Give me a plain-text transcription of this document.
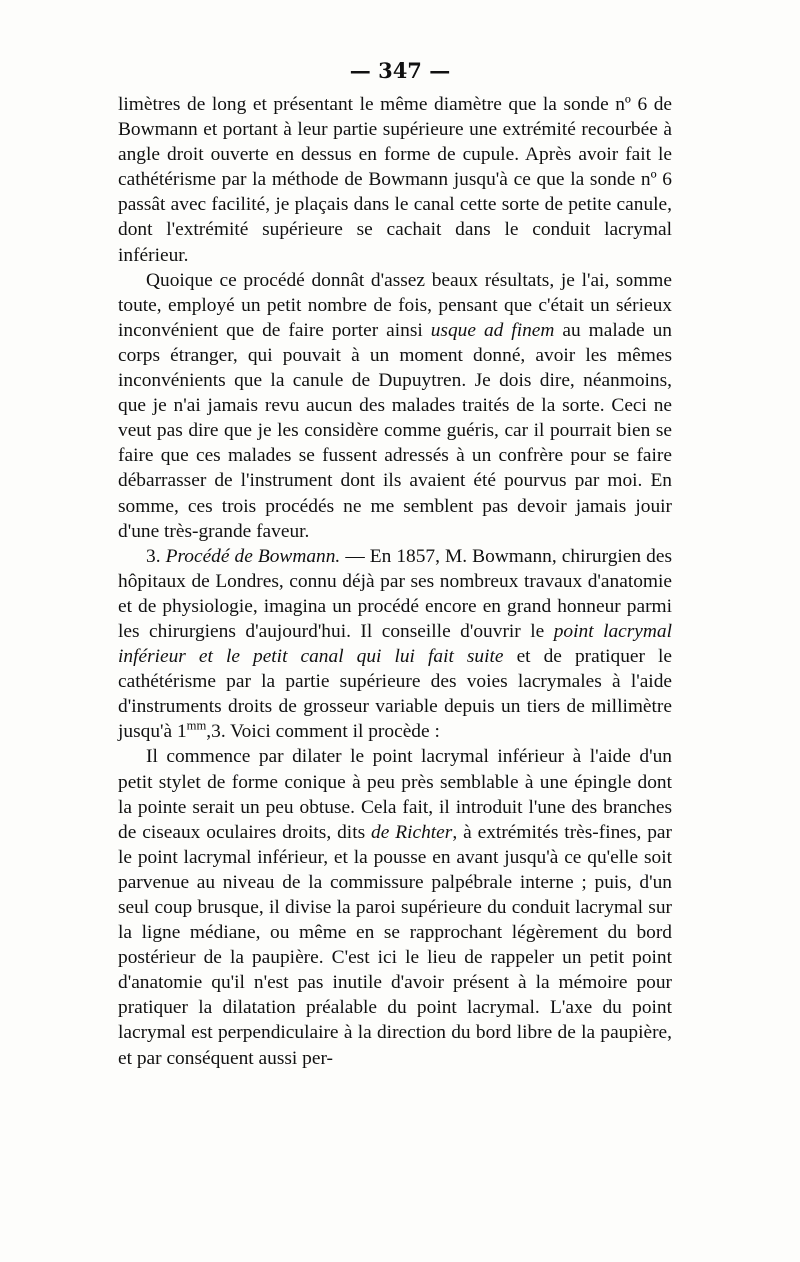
— 347 —

limètres de long et présentant le même diamètre que la sonde nº 6 de Bowmann et portant à leur partie supérieure une extrémité recourbée à angle droit ouverte en dessus en forme de cupule. Après avoir fait le cathétérisme par la méthode de Bowmann jusqu'à ce que la sonde nº 6 passât avec facilité, je plaçais dans le canal cette sorte de petite canule, dont l'extrémité supérieure se cachait dans le conduit lacrymal inférieur.

Quoique ce procédé donnât d'assez beaux résultats, je l'ai, somme toute, employé un petit nombre de fois, pensant que c'était un sérieux inconvénient que de faire porter ainsi usque ad finem au malade un corps étranger, qui pouvait à un moment donné, avoir les mêmes inconvénients que la canule de Dupuytren. Je dois dire, néanmoins, que je n'ai jamais revu aucun des malades traités de la sorte. Ceci ne veut pas dire que je les considère comme guéris, car il pourrait bien se faire que ces malades se fussent adressés à un confrère pour se faire débarrasser de l'instrument dont ils avaient été pourvus par moi. En somme, ces trois procédés ne me semblent pas devoir jamais jouir d'une très-grande faveur.

3. Procédé de Bowmann. — En 1857, M. Bowmann, chirurgien des hôpitaux de Londres, connu déjà par ses nombreux travaux d'anatomie et de physiologie, imagina un procédé encore en grand honneur parmi les chirurgiens d'aujourd'hui. Il conseille d'ouvrir le point lacrymal inférieur et le petit canal qui lui fait suite et de pratiquer le cathétérisme par la partie supérieure des voies lacrymales à l'aide d'instruments droits de grosseur variable depuis un tiers de millimètre jusqu'à $1^{mm},3$. Voici comment il procède :

Il commence par dilater le point lacrymal inférieur à l'aide d'un petit stylet de forme conique à peu près semblable à une épingle dont la pointe serait un peu obtuse. Cela fait, il introduit l'une des branches de ciseaux oculaires droits, dits de Richter, à extrémités très-fines, par le point lacrymal inférieur, et la pousse en avant jusqu'à ce qu'elle soit parvenue au niveau de la commissure palpébrale interne ; puis, d'un seul coup brusque, il divise la paroi supérieure du conduit lacrymal sur la ligne médiane, ou même en se rapprochant légèrement du bord postérieur de la paupière. C'est ici le lieu de rappeler un petit point d'anatomie qu'il n'est pas inutile d'avoir présent à la mémoire pour pratiquer la dilatation préalable du point lacrymal. L'axe du point lacrymal est perpendiculaire à la direction du bord libre de la paupière, et par conséquent aussi per-
